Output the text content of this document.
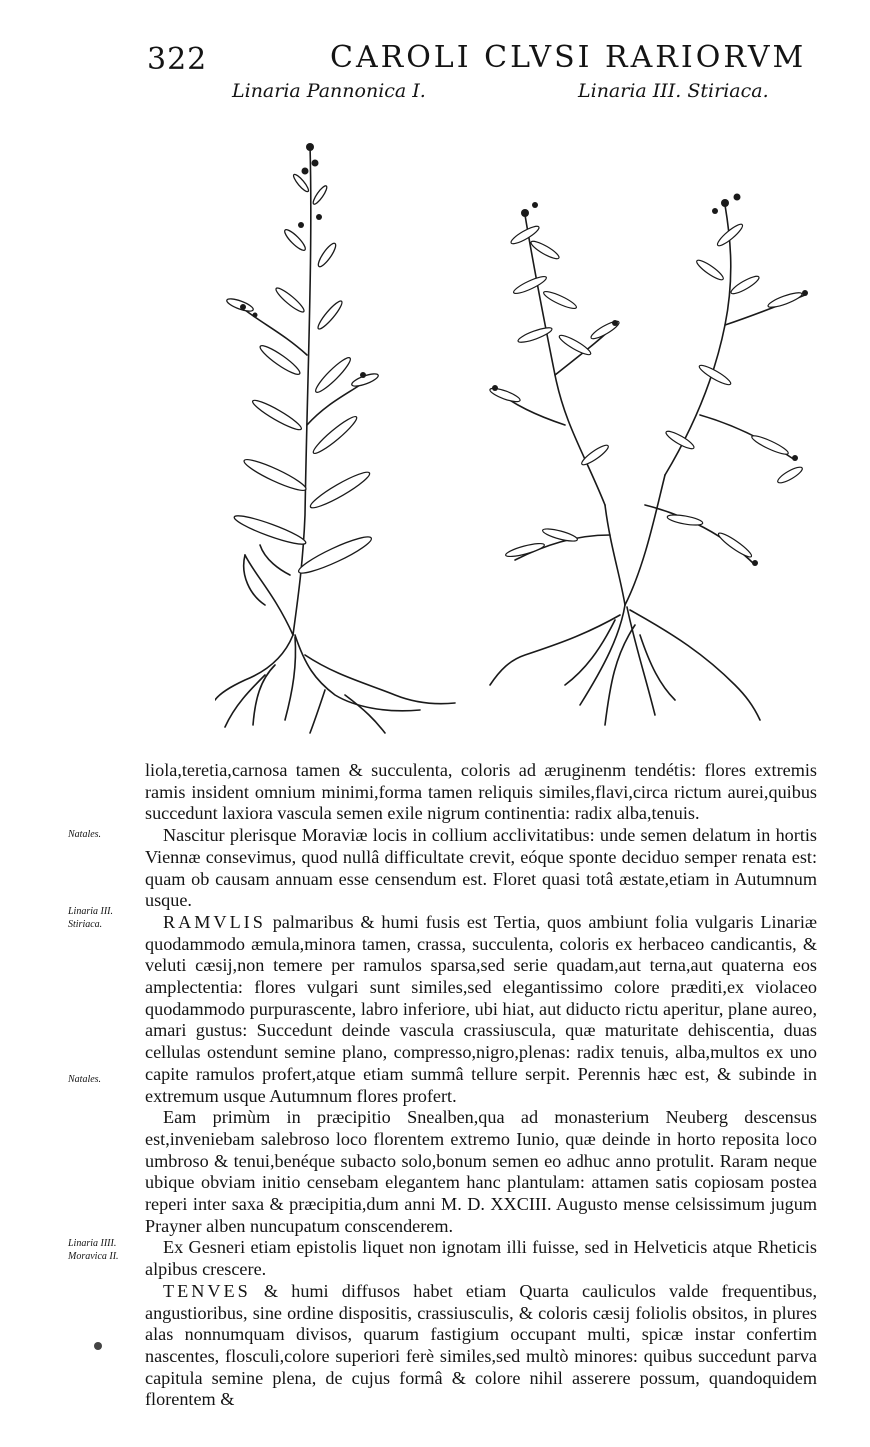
322	CAROLI CLVSI RARIORVM
Linaria Pannonica I.	Linaria III. Stiriaca.
Natales.
Linaria III. Stiriaca.
Natales.
Linaria IIII. Moravica II.

liola,teretia,carnosa tamen & succulenta, coloris ad æruginenm tendétis: flores extremis ramis insident omnium minimi,forma tamen reliquis similes,flavi,circa rictum aurei,quibus succedunt laxiora vascula semen exile nigrum continentia: radix alba,tenuis.

Nascitur plerisque Moraviæ locis in collium acclivitatibus: unde semen delatum in hortis Viennæ consevimus, quod nullâ difficultate crevit, eóque sponte deciduo semper renata est: quam ob causam annuam esse censendum est. Floret quasi totâ æstate,etiam in Autumnum usque.

RAMVLIS palmaribus & humi fusis est Tertia, quos ambiunt folia vulgaris Linariæ quodammodo æmula,minora tamen, crassa, succulenta, coloris ex herbaceo candicantis, & veluti cæsij,non temere per ramulos sparsa,sed serie quadam,aut terna,aut quaterna eos amplectentia: flores vulgari sunt similes,sed elegantissimo colore præditi,ex violaceo quodammodo purpurascente, labro inferiore, ubi hiat, aut diducto rictu aperitur, plane aureo, amari gustus: Succedunt deinde vascula crassiuscula, quæ maturitate dehiscentia, duas cellulas ostendunt semine plano, compresso,nigro,plenas: radix tenuis, alba,multos ex uno capite ramulos profert,atque etiam summâ tellure serpit. Perennis hæc est, & subinde in extremum usque Autumnum flores profert.

Eam primùm in præcipitio Snealben,qua ad monasterium Neuberg descensus est,inveniebam salebroso loco florentem extremo Iunio, quæ deinde in horto reposita loco umbroso & tenui,benéque subacto solo,bonum semen eo adhuc anno protulit. Raram neque ubique obviam initio censebam elegantem hanc plantulam: attamen satis copiosam postea reperi inter saxa & præcipitia,dum anni M. D. XXCIII. Augusto mense celsissimum jugum Prayner alben nuncupatum conscenderem.

Ex Gesneri etiam epistolis liquet non ignotam illi fuisse, sed in Helveticis atque Rheticis alpibus crescere.

TENVES & humi diffusos habet etiam Quarta cauliculos valde frequentibus, angustioribus, sine ordine dispositis, crassiusculis, & coloris cæsij foliolis obsitos, in plures alas nonnumquam divisos, quarum fastigium occupant multi, spicæ instar confertim nascentes, flosculi,colore superiori ferè similes,sed multò minores: quibus succedunt parva capitula semine plena, de cujus formâ & colore nihil asserere possum, quandoquidem florentem &
